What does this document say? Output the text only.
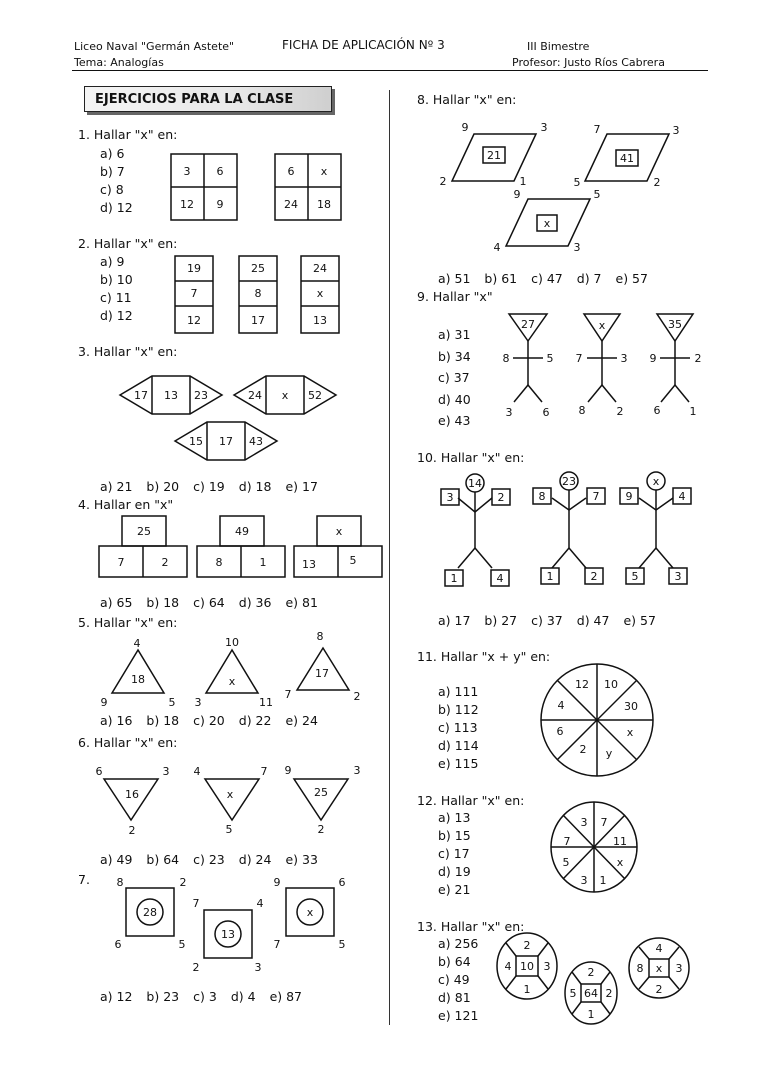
Liceo Naval "Germán Astete"	FICHA DE APLICACIÓN Nº 3	III Bimestre
Tema: Analogías	Profesor: Justo Ríos Cabrera
EJERCICIOS PARA LA CLASE
1. Hallar "x" en:
a) 6
b) 7
c) 8
d) 12
3 6
12 9
6 x
24 18
2. Hallar "x" en:
a) 9
b) 10
c) 11
d) 12
19
7
12
25
8
17
24
x
13
3. Hallar "x" en:
17 13 23	24 x 52
15 17 43
a) 21 b) 20 c) 19 d) 18 e) 17
4. Hallar en "x"
25
7	2
49
8	1
x
13	5
a) 65 b) 18 c) 64 d) 36 e) 81
5. Hallar "x" en:
4
18
9	5
10
x
3	11
8
17
7	2
a) 16 b) 18 c) 20 d) 22 e) 24
6. Hallar "x" en:
6	3
16
2
4	7
x
5
9	3
25
2
a) 49 b) 64 c) 23 d) 24 e) 33
7. 8	2
28
6	5
7	4
13
2	3
9	6
x
7	5
a) 12 b) 23 c) 3 d) 4 e) 87
8. Hallar "x" en:
9	3
21
2	1
7	3
41
5	2
9	5
x
4	3
a) 51 b) 61 c) 47 d) 7 e) 57
9. Hallar "x"
a) 31
b) 34
c) 37
d) 40
e) 43
27
8	5
3	6
x
7	3
8	2
35
9	2
6	1
10. Hallar "x" en:
14
3	2
1	4
23
8	7
1	2
x
9	4
5	3
a) 17 b) 27 c) 37 d) 47 e) 57
11. Hallar "x + y" en:
a) 111
b) 112
c) 113
d) 114
e) 115
12 10
30
x
y
2
6
4
12. Hallar "x" en:
a) 13
b) 15
c) 17
d) 19
e) 21
3 7
11
x
1
3
5
7
13. Hallar "x" en:
a) 256
b) 64
c) 49
d) 81
e) 121
2
3
1
4 10	2
2
1
5 64
4
3
2
8 x
